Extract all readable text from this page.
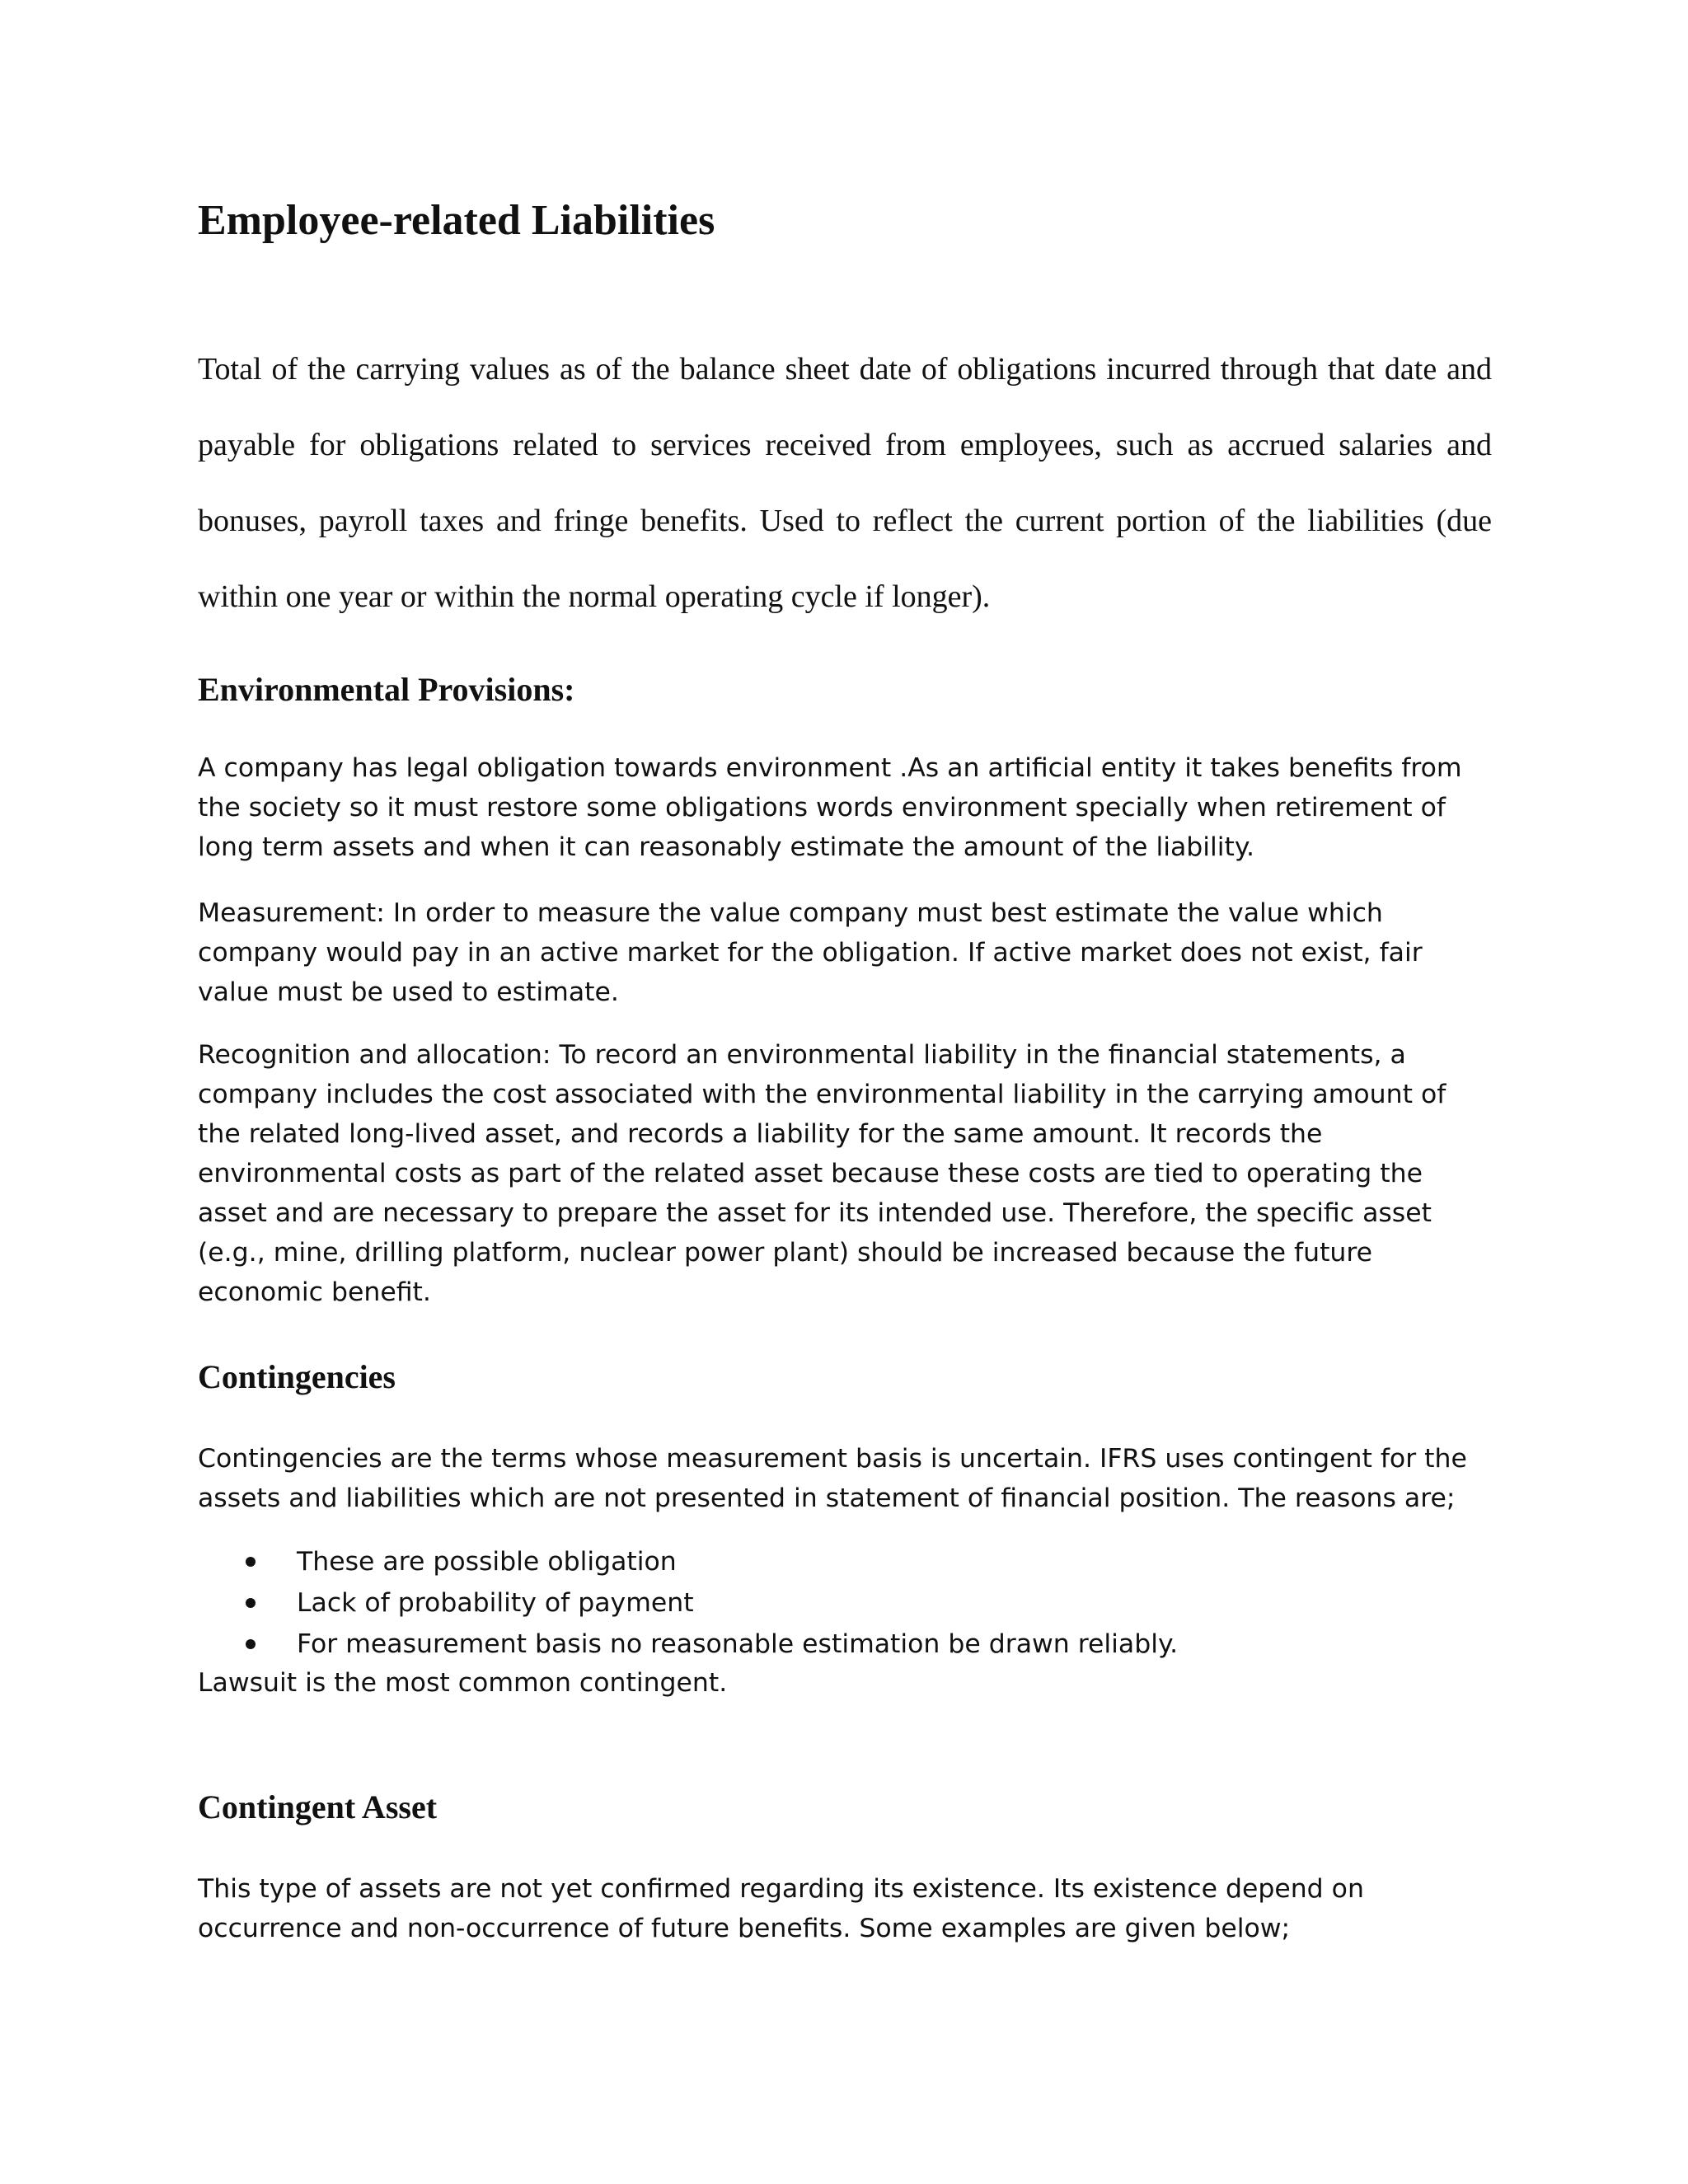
Employee-related Liabilities

Total of the carrying values as of the balance sheet date of obligations incurred through that date and payable for obligations related to services received from employees, such as accrued salaries and bonuses, payroll taxes and fringe benefits. Used to reflect the current portion of the liabilities (due within one year or within the normal operating cycle if longer).

Environmental Provisions:

A company has legal obligation towards environment .As an artificial entity it takes benefits from the society so it must restore some obligations words environment specially when retirement of long term assets and when it can reasonably estimate the amount of the liability.

Measurement: In order to measure the value company must best estimate the value which company would pay in an active market for the obligation. If active market does not exist, fair value must be used to estimate.

Recognition and allocation: To record an environmental liability in the financial statements, a company includes the cost associated with the environmental liability in the carrying amount of the related long-lived asset, and records a liability for the same amount. It records the environmental costs as part of the related asset because these costs are tied to operating the asset and are necessary to prepare the asset for its intended use. Therefore, the specific asset (e.g., mine, drilling platform, nuclear power plant) should be increased because the future economic benefit.

Contingencies

Contingencies are the terms whose measurement basis is uncertain. IFRS uses contingent for the assets and liabilities which are not presented in statement of financial position. The reasons are;

These are possible obligation
Lack of probability of payment
For measurement basis no reasonable estimation be drawn reliably.

Lawsuit is the most common contingent.

Contingent Asset

This type of assets are not yet confirmed regarding its existence. Its existence depend on occurrence and non-occurrence of future benefits. Some examples are given below;
